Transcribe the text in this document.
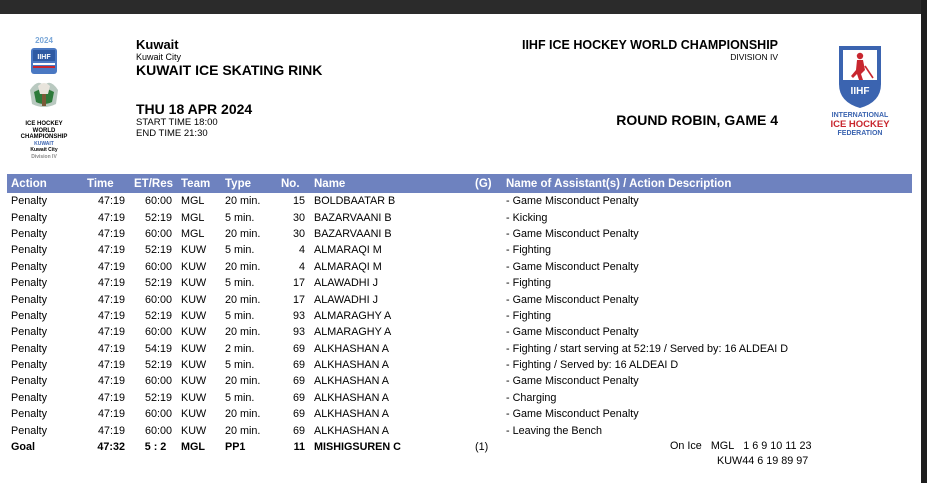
2024
IIHF
ICE HOCKEY
WORLD
CHAMPIONSHIP
KUWAIT
Kuwait City
Division IV
Kuwait
Kuwait City
KUWAIT ICE SKATING RINK
THU 18 APR 2024
START TIME 18:00
END TIME 21:30
IIHF ICE HOCKEY WORLD CHAMPIONSHIP
DIVISION IV
ROUND ROBIN, GAME 4
IIHF
INTERNATIONAL
ICE HOCKEY
FEDERATION
Action	Time	ET/Res	Team	Type	No.	Name	(G)	Name of Assistant(s) / Action Description
Penalty	47:19	60:00	MGL	20 min.	15	BOLDBAATAR B		- Game Misconduct Penalty
Penalty	47:19	52:19	MGL	5 min.	30	BAZARVAANI B		- Kicking
Penalty	47:19	60:00	MGL	20 min.	30	BAZARVAANI B		- Game Misconduct Penalty
Penalty	47:19	52:19	KUW	5 min.	4	ALMARAQI M		- Fighting
Penalty	47:19	60:00	KUW	20 min.	4	ALMARAQI M		- Game Misconduct Penalty
Penalty	47:19	52:19	KUW	5 min.	17	ALAWADHI J		- Fighting
Penalty	47:19	60:00	KUW	20 min.	17	ALAWADHI J		- Game Misconduct Penalty
Penalty	47:19	52:19	KUW	5 min.	93	ALMARAGHY A		- Fighting
Penalty	47:19	60:00	KUW	20 min.	93	ALMARAGHY A		- Game Misconduct Penalty
Penalty	47:19	54:19	KUW	2 min.	69	ALKHASHAN A		- Fighting / start serving at 52:19 / Served by: 16 ALDEAI D
Penalty	47:19	52:19	KUW	5 min.	69	ALKHASHAN A		- Fighting / Served by: 16 ALDEAI D
Penalty	47:19	60:00	KUW	20 min.	69	ALKHASHAN A		- Game Misconduct Penalty
Penalty	47:19	52:19	KUW	5 min.	69	ALKHASHAN A		- Charging
Penalty	47:19	60:00	KUW	20 min.	69	ALKHASHAN A		- Game Misconduct Penalty
Penalty	47:19	60:00	KUW	20 min.	69	ALKHASHAN A		- Leaving the Bench
Goal	47:32	5 : 2	MGL	PP1	11	MISHIGSUREN C	(1)	On Ice MGL 1 6 9 10 11 23
KUW44 6 19 89 97
